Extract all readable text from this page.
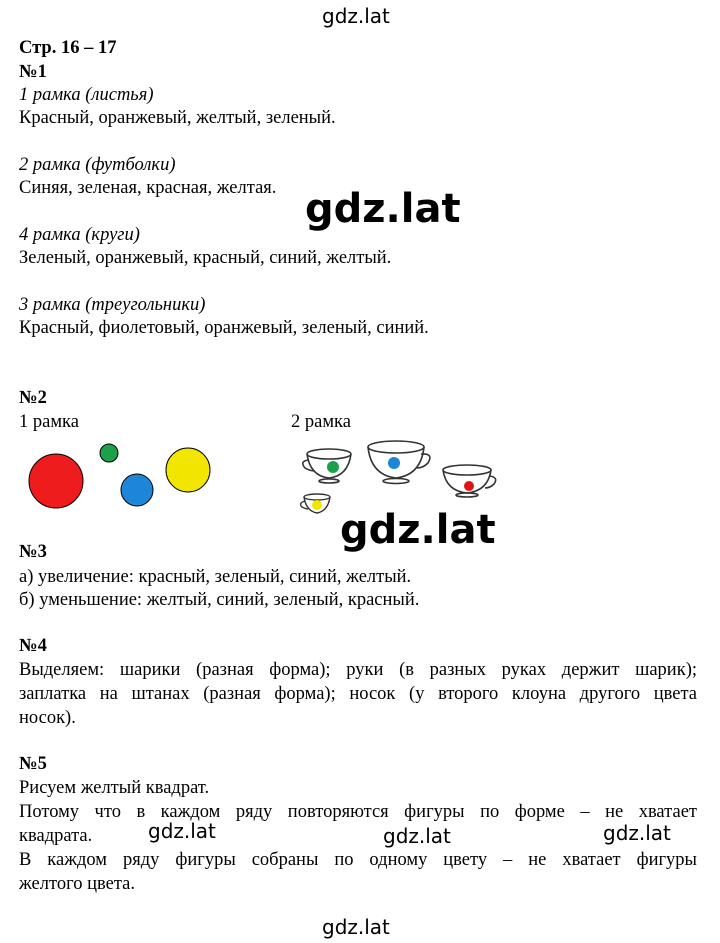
gdz.lat
Стр. 16 – 17
№1
1 рамка (листья)
Красный, оранжевый, желтый, зеленый.
2 рамка (футболки)
Синяя, зеленая, красная, желтая.
4 рамка (круги)
Зеленый, оранжевый, красный, синий, желтый.
3 рамка (треугольники)
Красный, фиолетовый, оранжевый, зеленый, синий.
gdz.lat
№2
1 рамка	2 рамка
gdz.lat
№3
а) увеличение: красный, зеленый, синий, желтый.
б) уменьшение: желтый, синий, зеленый, красный.
№4
Выделяем: шарики (разная форма); руки (в разных руках держит шарик);
заплатка на штанах (разная форма); носок (у второго клоуна другого цвета
носок).
№5
Рисуем желтый квадрат.
Потому что в каждом ряду повторяются фигуры по форме – не хватает
квадрата.
В каждом ряду фигуры собраны по одному цвету – не хватает фигуры
желтого цвета.
gdz.lat	gdz.lat	gdz.lat
gdz.lat
